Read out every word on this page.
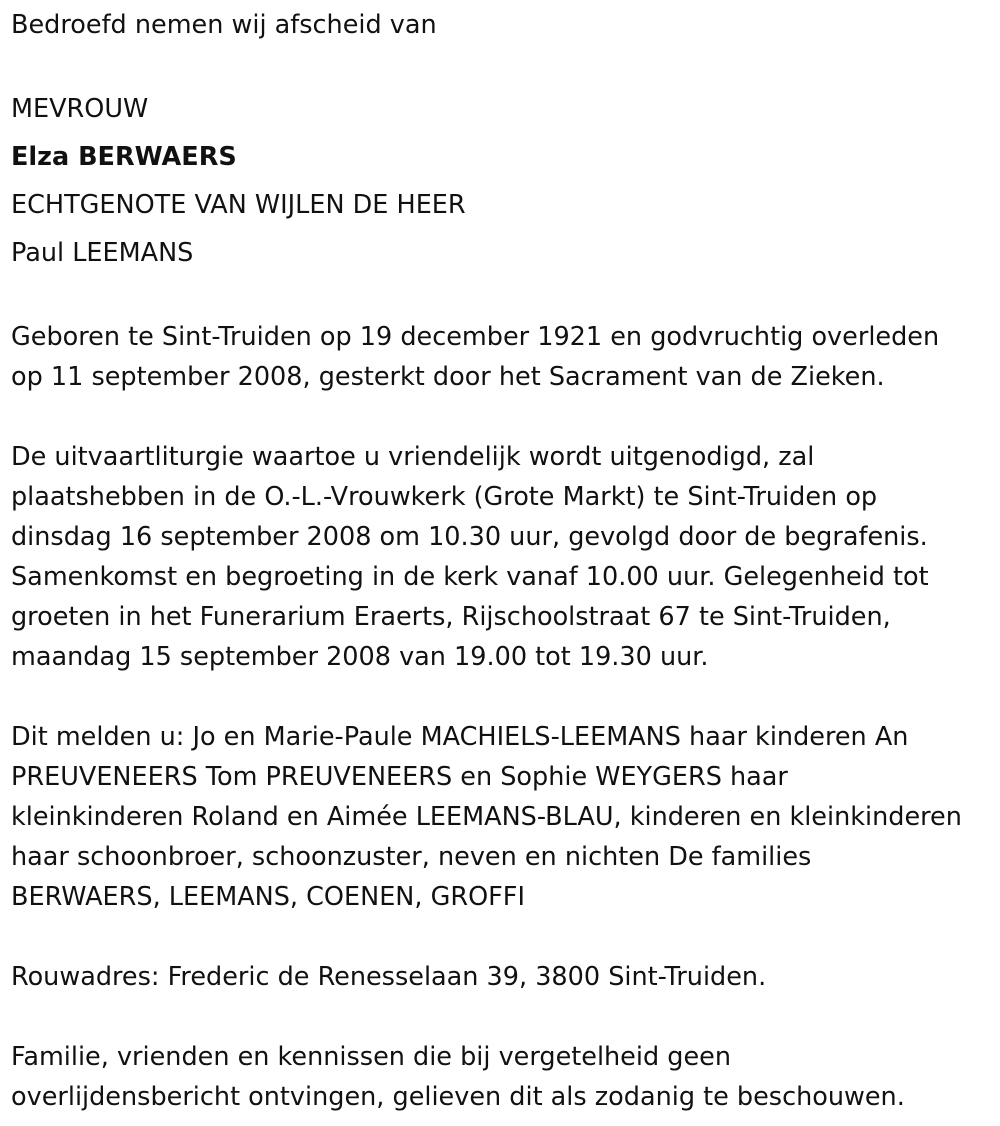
Bedroefd nemen wij afscheid van
MEVROUW
Elza BERWAERS
ECHTGENOTE VAN WIJLEN DE HEER
Paul LEEMANS
Geboren te Sint-Truiden op 19 december 1921 en godvruchtig overleden
op 11 september 2008, gesterkt door het Sacrament van de Zieken.
De uitvaartliturgie waartoe u vriendelijk wordt uitgenodigd, zal
plaatshebben in de O.-L.-Vrouwkerk (Grote Markt) te Sint-Truiden op
dinsdag 16 september 2008 om 10.30 uur, gevolgd door de begrafenis.
Samenkomst en begroeting in de kerk vanaf 10.00 uur. Gelegenheid tot
groeten in het Funerarium Eraerts, Rijschoolstraat 67 te Sint-Truiden,
maandag 15 september 2008 van 19.00 tot 19.30 uur.
Dit melden u: Jo en Marie-Paule MACHIELS-LEEMANS haar kinderen An
PREUVENEERS Tom PREUVENEERS en Sophie WEYGERS haar
kleinkinderen Roland en Aimée LEEMANS-BLAU, kinderen en kleinkinderen
haar schoonbroer, schoonzuster, neven en nichten De families
BERWAERS, LEEMANS, COENEN, GROFFI
Rouwadres: Frederic de Renesselaan 39, 3800 Sint-Truiden.
Familie, vrienden en kennissen die bij vergetelheid geen
overlijdensbericht ontvingen, gelieven dit als zodanig te beschouwen.
